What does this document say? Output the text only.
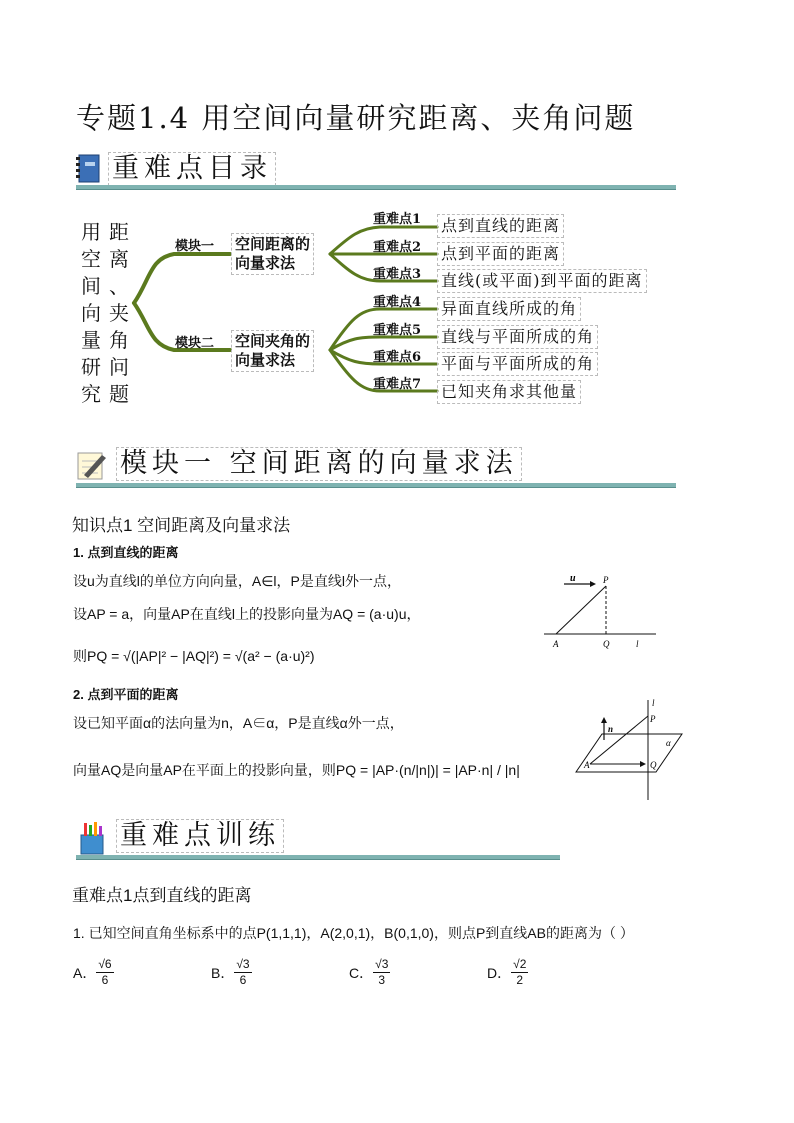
专题1.4 用空间向量研究距离、夹角问题
重难点目录
用
空
间
向
量
研
究
距
离
、
夹
角
问
题
模块一 空间距离的
向量求法
模块二 空间夹角的
向量求法
重难点1 点到直线的距离
重难点2 点到平面的距离
重难点3 直线(或平面)到平面的距离
重难点4 异面直线所成的角
重难点5 直线与平面所成的角
重难点6 平面与平面所成的角
重难点7 已知夹角求其他量
模块一 空间距离的向量求法
知识点1 空间距离及向量求法
1. 点到直线的距离
设u为直线l的单位方向向量，A∈l，P是直线l外一点，
设AP = a，向量AP在直线l上的投影向量为AQ = (a·u)u，
则PQ = √(|AP|² − |AQ|²) = √(a² − (a·u)²)
u	P
A	Q	l
2. 点到平面的距离
设已知平面α的法向量为n，A∈α，P是直线α外一点，
向量AQ是向量AP在平面上的投影向量，则PQ = |AP·(n/|n|)| = |AP·n| / |n|
l
n
P
α
A	Q
重难点训练
重难点1点到直线的距离
1. 已知空间直角坐标系中的点P(1,1,1)，A(2,0,1)，B(0,1,0)，则点P到直线AB的距离为（ ）
A． $\frac{√6}{6}$	B． $\frac{√3}{6}$	C． $\frac{√3}{3}$	D． $\frac{√2}{2}$
